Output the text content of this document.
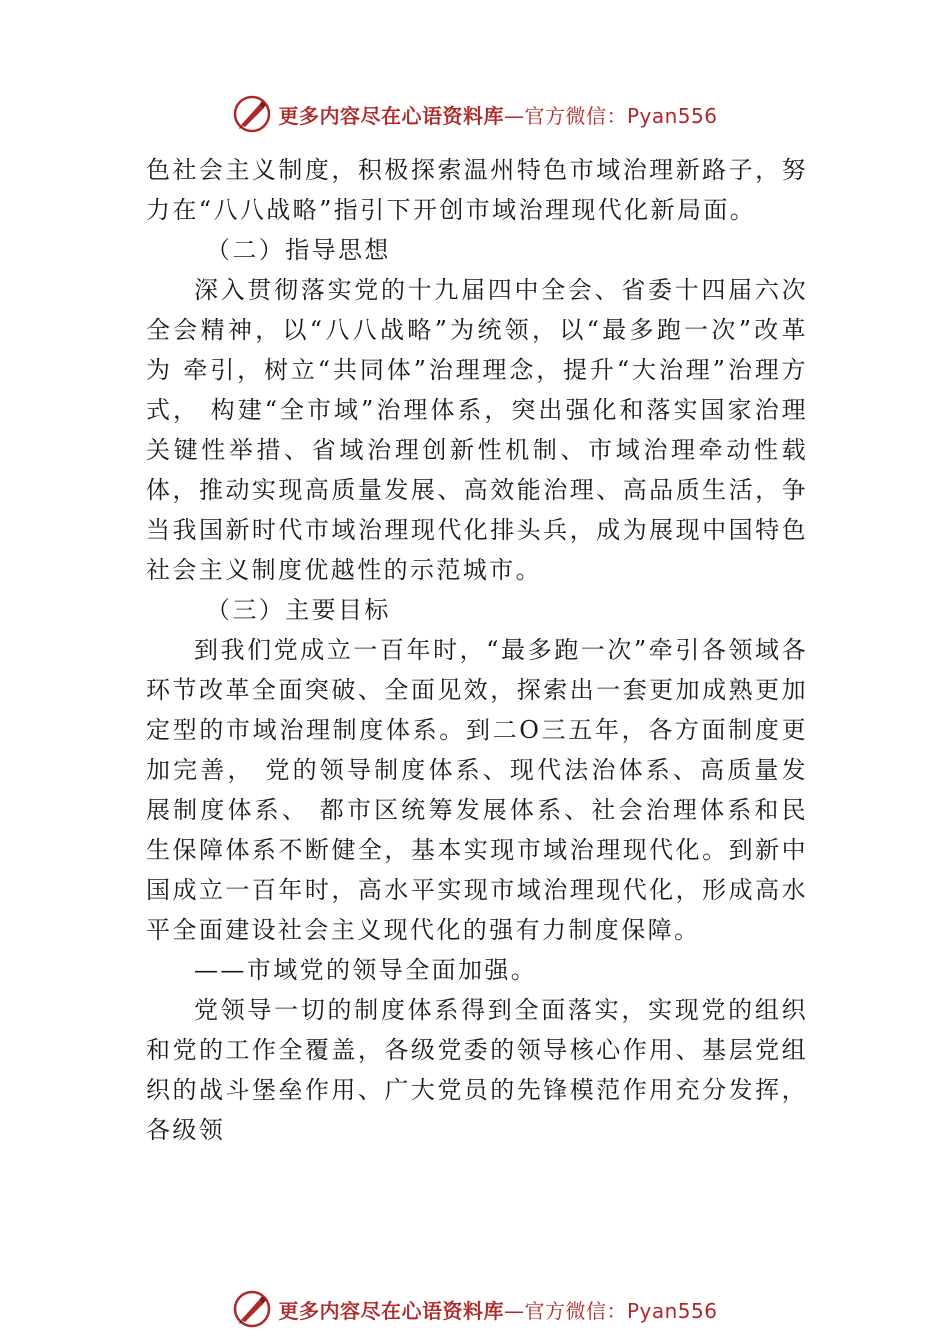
更多内容尽在心语资料库—官方微信：Pyan556

色社会主义制度，积极探索温州特色市域治理新路子，努力在“八八战略”指引下开创市域治理现代化新局面。

（二）指导思想

深入贯彻落实党的十九届四中全会、省委十四届六次全会精神，以“八八战略”为统领，以“最多跑一次”改革为 牵引，树立“共同体”治理理念，提升“大治理”治理方式， 构建“全市域”治理体系，突出强化和落实国家治理关键性举措、省域治理创新性机制、市域治理牵动性载体，推动实现高质量发展、高效能治理、高品质生活，争当我国新时代市域治理现代化排头兵，成为展现中国特色社会主义制度优越性的示范城市。

（三）主要目标

到我们党成立一百年时，“最多跑一次”牵引各领域各环节改革全面突破、全面见效，探索出一套更加成熟更加定型的市域治理制度体系。到二O三五年，各方面制度更加完善， 党的领导制度体系、现代法治体系、高质量发展制度体系、 都市区统筹发展体系、社会治理体系和民生保障体系不断健全，基本实现市域治理现代化。到新中国成立一百年时，高水平实现市域治理现代化，形成高水平全面建设社会主义现代化的强有力制度保障。

——市域党的领导全面加强。

党领导一切的制度体系得到全面落实，实现党的组织和党的工作全覆盖，各级党委的领导核心作用、基层党组织的战斗堡垒作用、广大党员的先锋模范作用充分发挥，各级领

更多内容尽在心语资料库—官方微信：Pyan556
